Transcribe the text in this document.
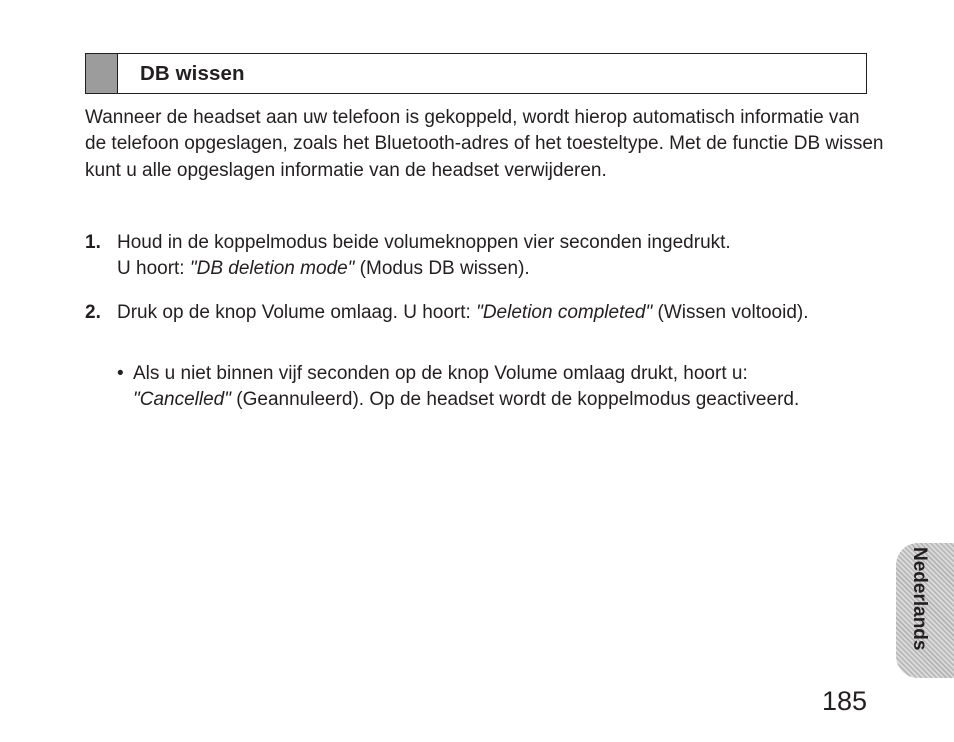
DB wissen

Wanneer de headset aan uw telefoon is gekoppeld, wordt hierop automatisch informatie van de telefoon opgeslagen, zoals het Bluetooth-adres of het toesteltype. Met de functie DB wissen kunt u alle opgeslagen informatie van de headset verwijderen.

1. Houd in de koppelmodus beide volumeknoppen vier seconden ingedrukt.
U hoort: "DB deletion mode" (Modus DB wissen).
2. Druk op de knop Volume omlaag. U hoort: "Deletion completed" (Wissen voltooid).
• Als u niet binnen vijf seconden op de knop Volume omlaag drukt, hoort u: "Cancelled" (Geannuleerd). Op de headset wordt de koppelmodus geactiveerd.
Nederlands
185
